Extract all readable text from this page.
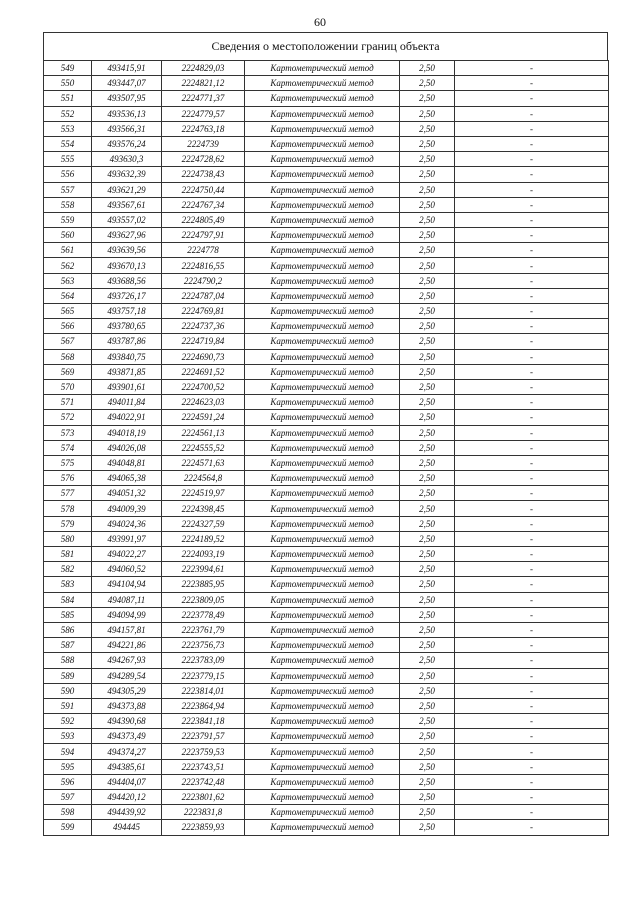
60
Сведения о местоположении границ объекта
549	493415,91	2224829,03	Картометрический метод	2,50	-
550	493447,07	2224821,12	Картометрический метод	2,50	-
551	493507,95	2224771,37	Картометрический метод	2,50	-
552	493536,13	2224779,57	Картометрический метод	2,50	-
553	493566,31	2224763,18	Картометрический метод	2,50	-
554	493576,24	2224739	Картометрический метод	2,50	-
555	493630,3	2224728,62	Картометрический метод	2,50	-
556	493632,39	2224738,43	Картометрический метод	2,50	-
557	493621,29	2224750,44	Картометрический метод	2,50	-
558	493567,61	2224767,34	Картометрический метод	2,50	-
559	493557,02	2224805,49	Картометрический метод	2,50	-
560	493627,96	2224797,91	Картометрический метод	2,50	-
561	493639,56	2224778	Картометрический метод	2,50	-
562	493670,13	2224816,55	Картометрический метод	2,50	-
563	493688,56	2224790,2	Картометрический метод	2,50	-
564	493726,17	2224787,04	Картометрический метод	2,50	-
565	493757,18	2224769,81	Картометрический метод	2,50	-
566	493780,65	2224737,36	Картометрический метод	2,50	-
567	493787,86	2224719,84	Картометрический метод	2,50	-
568	493840,75	2224690,73	Картометрический метод	2,50	-
569	493871,85	2224691,52	Картометрический метод	2,50	-
570	493901,61	2224700,52	Картометрический метод	2,50	-
571	494011,84	2224623,03	Картометрический метод	2,50	-
572	494022,91	2224591,24	Картометрический метод	2,50	-
573	494018,19	2224561,13	Картометрический метод	2,50	-
574	494026,08	2224555,52	Картометрический метод	2,50	-
575	494048,81	2224571,63	Картометрический метод	2,50	-
576	494065,38	2224564,8	Картометрический метод	2,50	-
577	494051,32	2224519,97	Картометрический метод	2,50	-
578	494009,39	2224398,45	Картометрический метод	2,50	-
579	494024,36	2224327,59	Картометрический метод	2,50	-
580	493991,97	2224189,52	Картометрический метод	2,50	-
581	494022,27	2224093,19	Картометрический метод	2,50	-
582	494060,52	2223994,61	Картометрический метод	2,50	-
583	494104,94	2223885,95	Картометрический метод	2,50	-
584	494087,11	2223809,05	Картометрический метод	2,50	-
585	494094,99	2223778,49	Картометрический метод	2,50	-
586	494157,81	2223761,79	Картометрический метод	2,50	-
587	494221,86	2223756,73	Картометрический метод	2,50	-
588	494267,93	2223783,09	Картометрический метод	2,50	-
589	494289,54	2223779,15	Картометрический метод	2,50	-
590	494305,29	2223814,01	Картометрический метод	2,50	-
591	494373,88	2223864,94	Картометрический метод	2,50	-
592	494390,68	2223841,18	Картометрический метод	2,50	-
593	494373,49	2223791,57	Картометрический метод	2,50	-
594	494374,27	2223759,53	Картометрический метод	2,50	-
595	494385,61	2223743,51	Картометрический метод	2,50	-
596	494404,07	2223742,48	Картометрический метод	2,50	-
597	494420,12	2223801,62	Картометрический метод	2,50	-
598	494439,92	2223831,8	Картометрический метод	2,50	-
599	494445	2223859,93	Картометрический метод	2,50	-
